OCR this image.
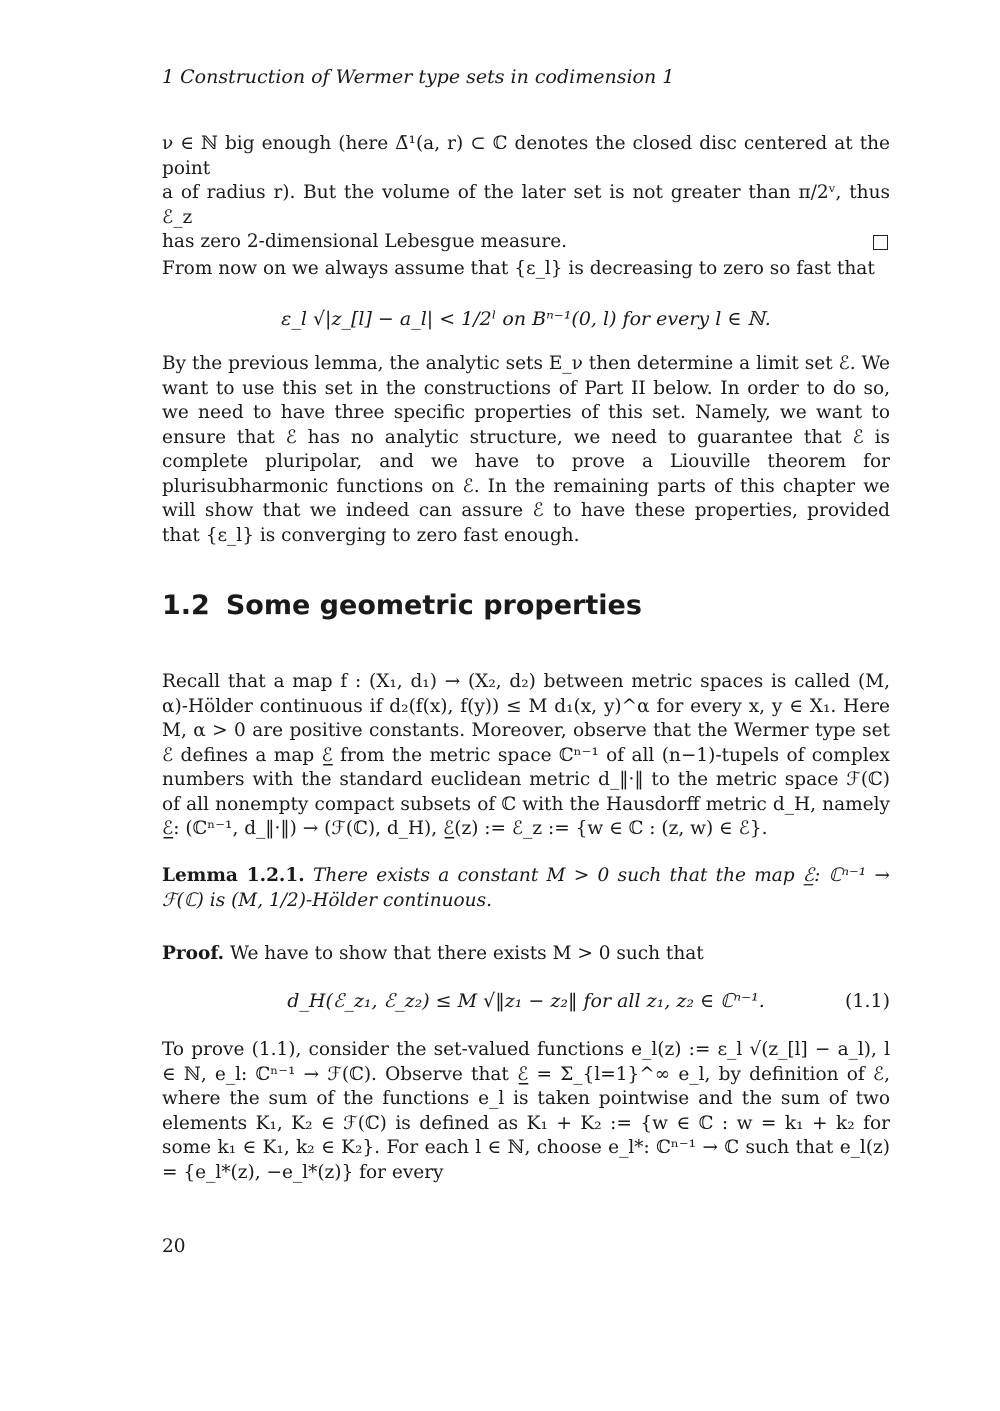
1 Construction of Wermer type sets in codimension 1

ν ∈ ℕ big enough (here Δ̄¹(a, r) ⊂ ℂ denotes the closed disc centered at the point

a of radius r). But the volume of the later set is not greater than π/2ᵛ, thus ℰ_z

has zero 2-dimensional Lebesgue measure.

From now on we always assume that {ε_l} is decreasing to zero so fast that

ε_l √|z_[l] − a_l| < 1/2ˡ on Bⁿ⁻¹(0, l) for every l ∈ ℕ.

By the previous lemma, the analytic sets E_ν then determine a limit set ℰ. We want to use this set in the constructions of Part II below. In order to do so, we need to have three specific properties of this set. Namely, we want to ensure that ℰ has no analytic structure, we need to guarantee that ℰ is complete pluripolar, and we have to prove a Liouville theorem for plurisubharmonic functions on ℰ. In the remaining parts of this chapter we will show that we indeed can assure ℰ to have these properties, provided that {ε_l} is converging to zero fast enough.

1.2 Some geometric properties

Recall that a map f : (X₁, d₁) → (X₂, d₂) between metric spaces is called (M, α)-Hölder continuous if d₂(f(x), f(y)) ≤ M d₁(x, y)^α for every x, y ∈ X₁. Here M, α > 0 are positive constants. Moreover, observe that the Wermer type set ℰ defines a map ℰ̲ from the metric space ℂⁿ⁻¹ of all (n−1)-tupels of complex numbers with the standard euclidean metric d_‖·‖ to the metric space ℱ(ℂ) of all nonempty compact subsets of ℂ with the Hausdorff metric d_H, namely ℰ̲: (ℂⁿ⁻¹, d_‖·‖) → (ℱ(ℂ), d_H), ℰ̲(z) := ℰ_z := {w ∈ ℂ : (z, w) ∈ ℰ}.

Lemma 1.2.1. There exists a constant M > 0 such that the map ℰ̲: ℂⁿ⁻¹ → ℱ(ℂ) is (M, 1/2)-Hölder continuous.

Proof. We have to show that there exists M > 0 such that

d_H(ℰ_z₁, ℰ_z₂) ≤ M √‖z₁ − z₂‖ for all z₁, z₂ ∈ ℂⁿ⁻¹.	(1.1)

To prove (1.1), consider the set-valued functions e_l(z) := ε_l √(z_[l] − a_l), l ∈ ℕ, e_l: ℂⁿ⁻¹ → ℱ(ℂ). Observe that ℰ̲ = Σ_{l=1}^∞ e_l, by definition of ℰ, where the sum of the functions e_l is taken pointwise and the sum of two elements K₁, K₂ ∈ ℱ(ℂ) is defined as K₁ + K₂ := {w ∈ ℂ : w = k₁ + k₂ for some k₁ ∈ K₁, k₂ ∈ K₂}. For each l ∈ ℕ, choose e_l*: ℂⁿ⁻¹ → ℂ such that e_l(z) = {e_l*(z), −e_l*(z)} for every

20
